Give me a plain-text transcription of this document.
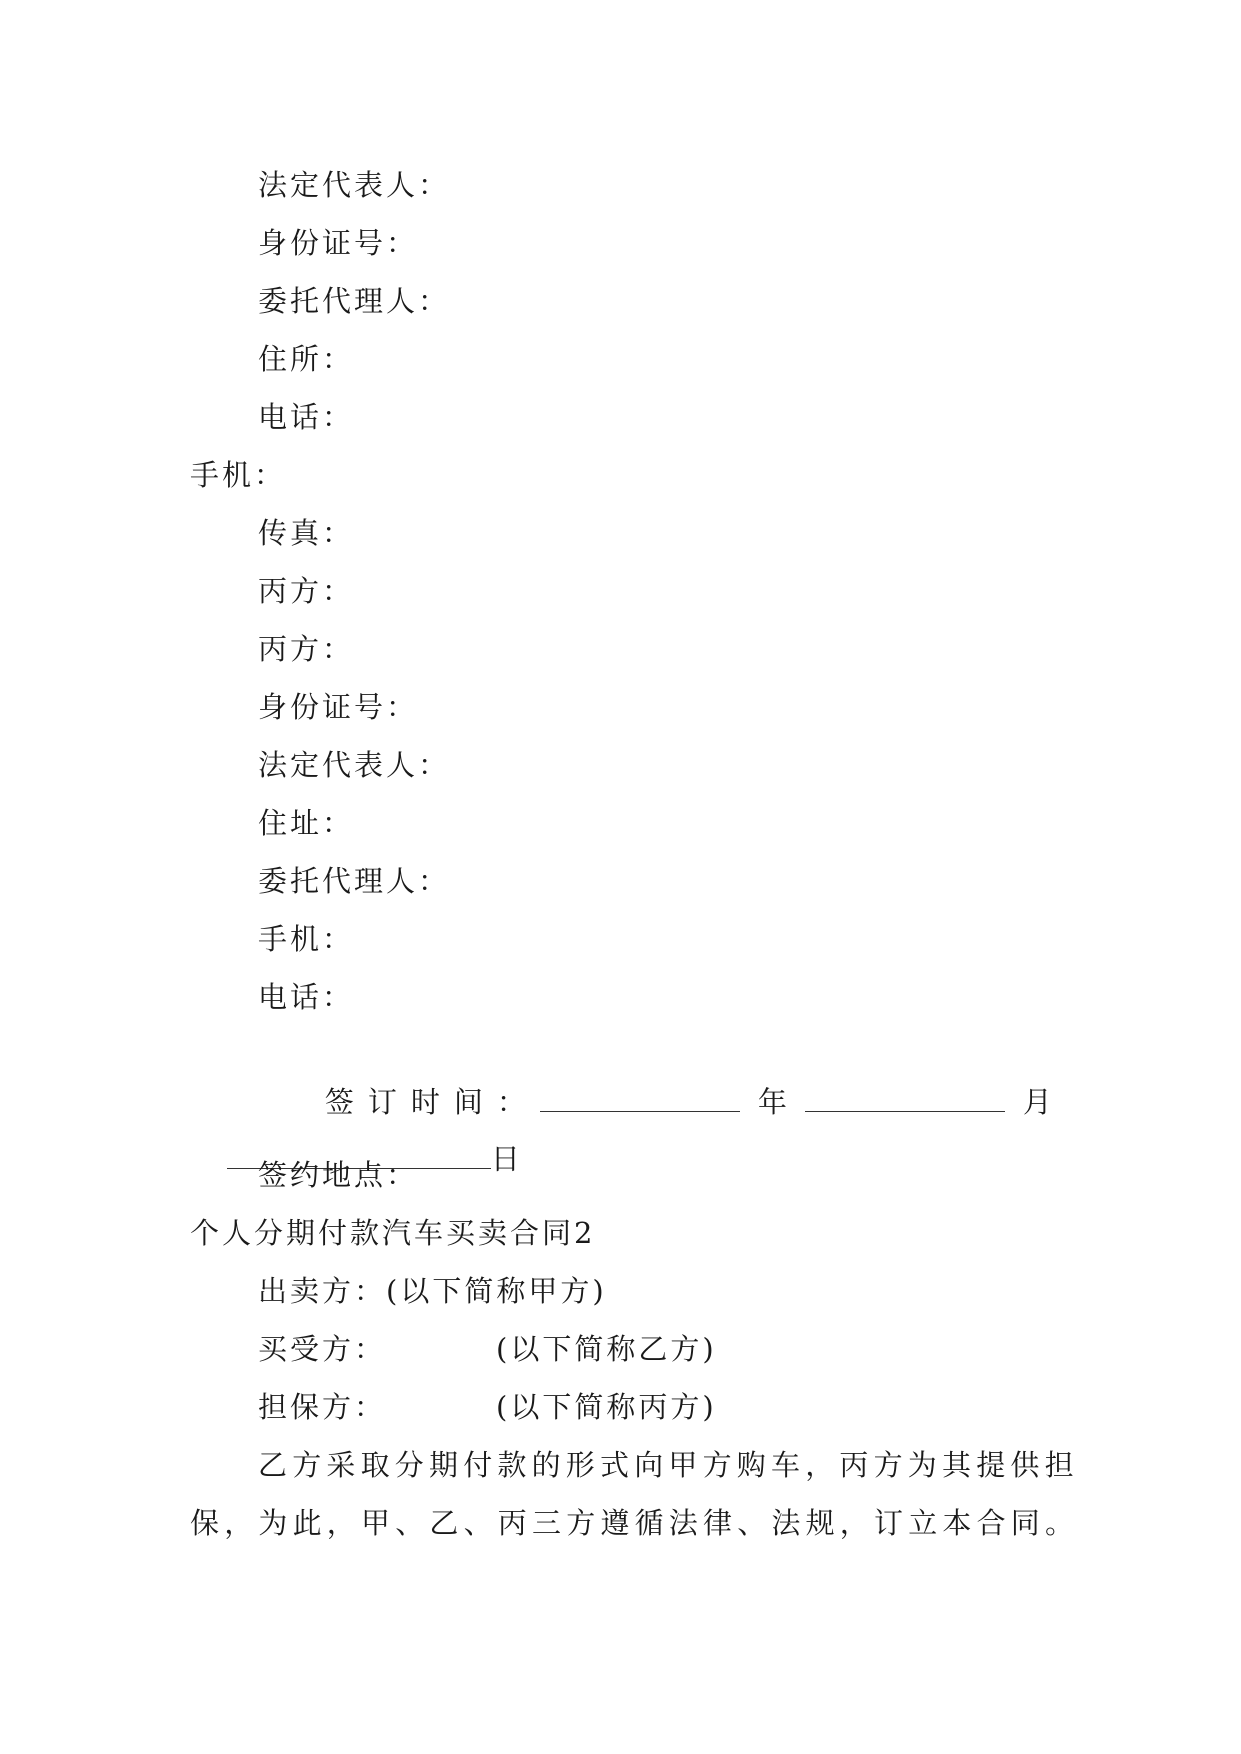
法定代表人：
身份证号：
委托代理人：
住所：
电话：
手机：
传真：
丙方：
丙方：
身份证号：
法定代表人：
住址：
委托代理人：
手机：
电话：

签订时间：	年	月

日

签约地点：
个人分期付款汽车买卖合同2
出卖方：(以下简称甲方)
买受方：	(以下简称乙方)
担保方：	(以下简称丙方)
乙方采取分期付款的形式向甲方购车，丙方为其提供担
保，为此，甲、乙、丙三方遵循法律、法规，订立本合同。
